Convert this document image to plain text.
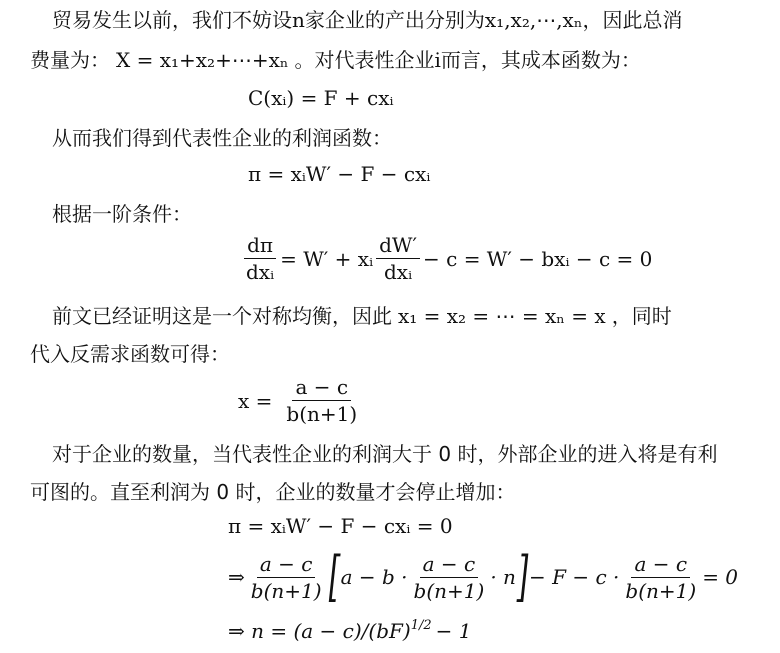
贸易发生以前，我们不妨设n家企业的产出分别为x₁,x₂,⋯,xₙ，因此总消
费量为： X = x₁+x₂+⋯+xₙ 。对代表性企业i而言，其成本函数为：
C(xᵢ) = F + cxᵢ
从而我们得到代表性企业的利润函数：
π = xᵢW′ − F − cxᵢ
根据一阶条件：
$\frac{d\pi}{\text{dxᵢ}} = W'$ + xᵢ $\frac{dW'}{\text{dxᵢ}} - c = W'$ − bxᵢ − c = 0
前文已经证明这是一个对称均衡，因此 x₁ = x₂ = ⋯ = xₙ = x ，同时
代入反需求函数可得：
$x = \frac{a - c}{b(n+1)}$
对于企业的数量，当代表性企业的利润大于 0 时，外部企业的进入将是有利
可图的。直至利润为 0 时，企业的数量才会停止增加：
π = xᵢW′ − F − cxᵢ = 0
⇒ $\frac{a - c}{b(n+1)}$ [ $a - b \cdot \frac{a - c}{b(n+1)} \cdot n$ ] − $F - c \cdot \frac{a - c}{b(n+1)} = 0$
⇒ n = (a − c)/(bF)$^{1/2}$ − 1
